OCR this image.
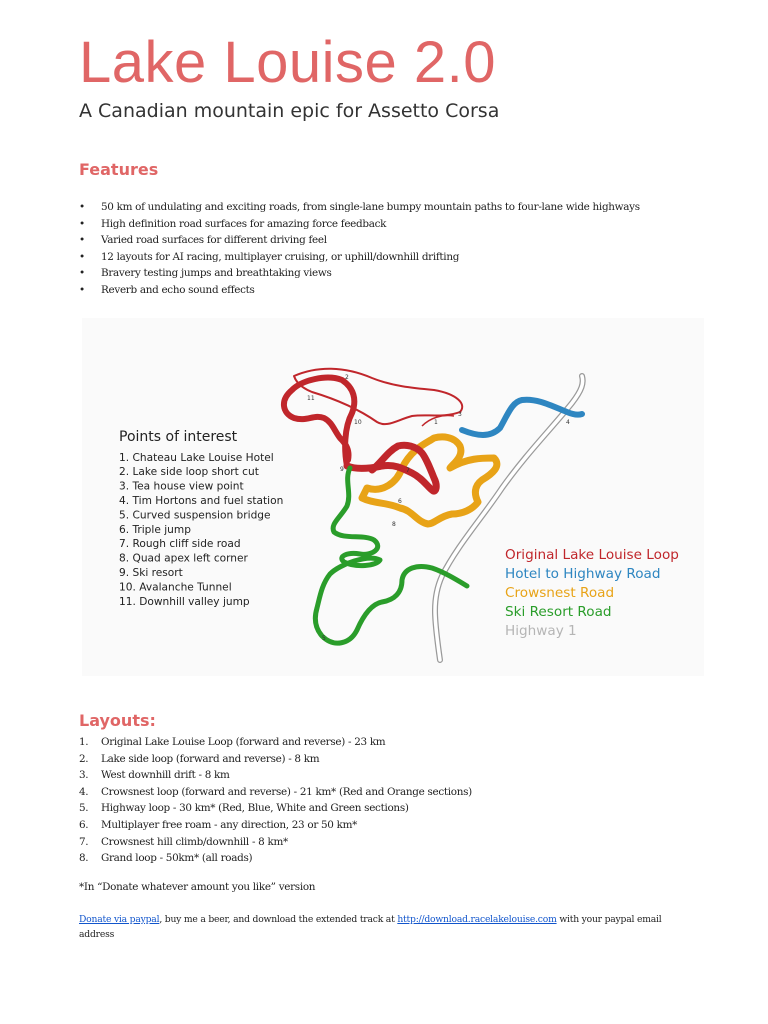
Lake Louise 2.0
A Canadian mountain epic for Assetto Corsa
Features
• 50 km of undulating and exciting roads, from single-lane bumpy mountain paths to four-lane wide highways
• High definition road surfaces for amazing force feedback
• Varied road surfaces for different driving feel
• 12 layouts for AI racing, multiplayer cruising, or uphill/downhill drifting
• Bravery testing jumps and breathtaking views
• Reverb and echo sound effects
1
2
7
4
5
6
8
9
10
11
3
Points of interest
1. Chateau Lake Louise Hotel
2. Lake side loop short cut
3. Tea house view point
4. Tim Hortons and fuel station
5. Curved suspension bridge
6. Triple jump
7. Rough cliff side road
8. Quad apex left corner
9. Ski resort
10. Avalanche Tunnel
11. Downhill valley jump
Original Lake Louise Loop
Hotel to Highway Road
Crowsnest Road
Ski Resort Road
Highway 1
Layouts:
1. Original Lake Louise Loop (forward and reverse) - 23 km
2. Lake side loop (forward and reverse) - 8 km
3. West downhill drift - 8 km
4. Crowsnest loop (forward and reverse) - 21 km* (Red and Orange sections)
5. Highway loop - 30 km* (Red, Blue, White and Green sections)
6. Multiplayer free roam - any direction, 23 or 50 km*
7. Crowsnest hill climb/downhill - 8 km*
8. Grand loop - 50km* (all roads)
*In “Donate whatever amount you like” version
Donate via paypal, buy me a beer, and download the extended track at http://download.racelakelouise.com with your paypal email address
